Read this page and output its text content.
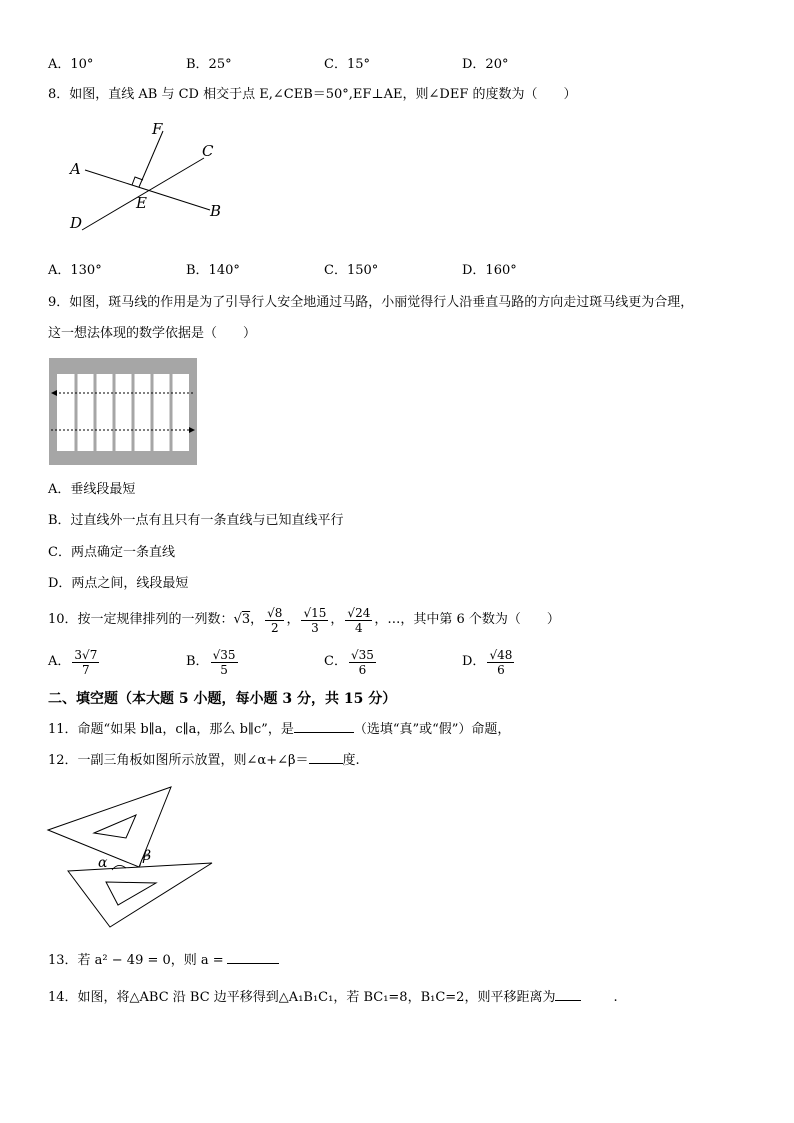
A．10°	B．25°	C．15°	D．20°
8．如图，直线 AB 与 CD 相交于点 E,∠CEB＝50°,EF⊥AE，则∠DEF 的度数为（　　）
A
B
C
D
E
F
A．130°	B．140°	C．150°	D．160°
9．如图，斑马线的作用是为了引导行人安全地通过马路，小丽觉得行人沿垂直马路的方向走过斑马线更为合理，
这一想法体现的数学依据是（　　）
A．垂线段最短
B．过直线外一点有且只有一条直线与已知直线平行
C．两点确定一条直线
D．两点之间，线段最短
10．按一定规律排列的一列数： √3 ， $\frac{√8}{2}$ ， $\frac{√15}{3}$ ， $\frac{√24}{4}$ ，…，其中第 6 个数为（　　）
A． $\frac{3√7}{7}$	B． $\frac{√35}{5}$	C． $\frac{√35}{6}$	D． $\frac{√48}{6}$
二、填空题（本大题 5 小题，每小题 3 分，共 15 分）
11．命题“如果 b∥a，c∥a，那么 b∥c”，是	（选填“真”或“假”）命题，
12．一副三角板如图所示放置，则∠α+∠β＝	度.
α	β
13．若 a² − 49 = 0，则 a =
14．如图，将△ABC 沿 BC 边平移得到△A₁B₁C₁，若 BC₁=8，B₁C=2，则平移距离为	.
